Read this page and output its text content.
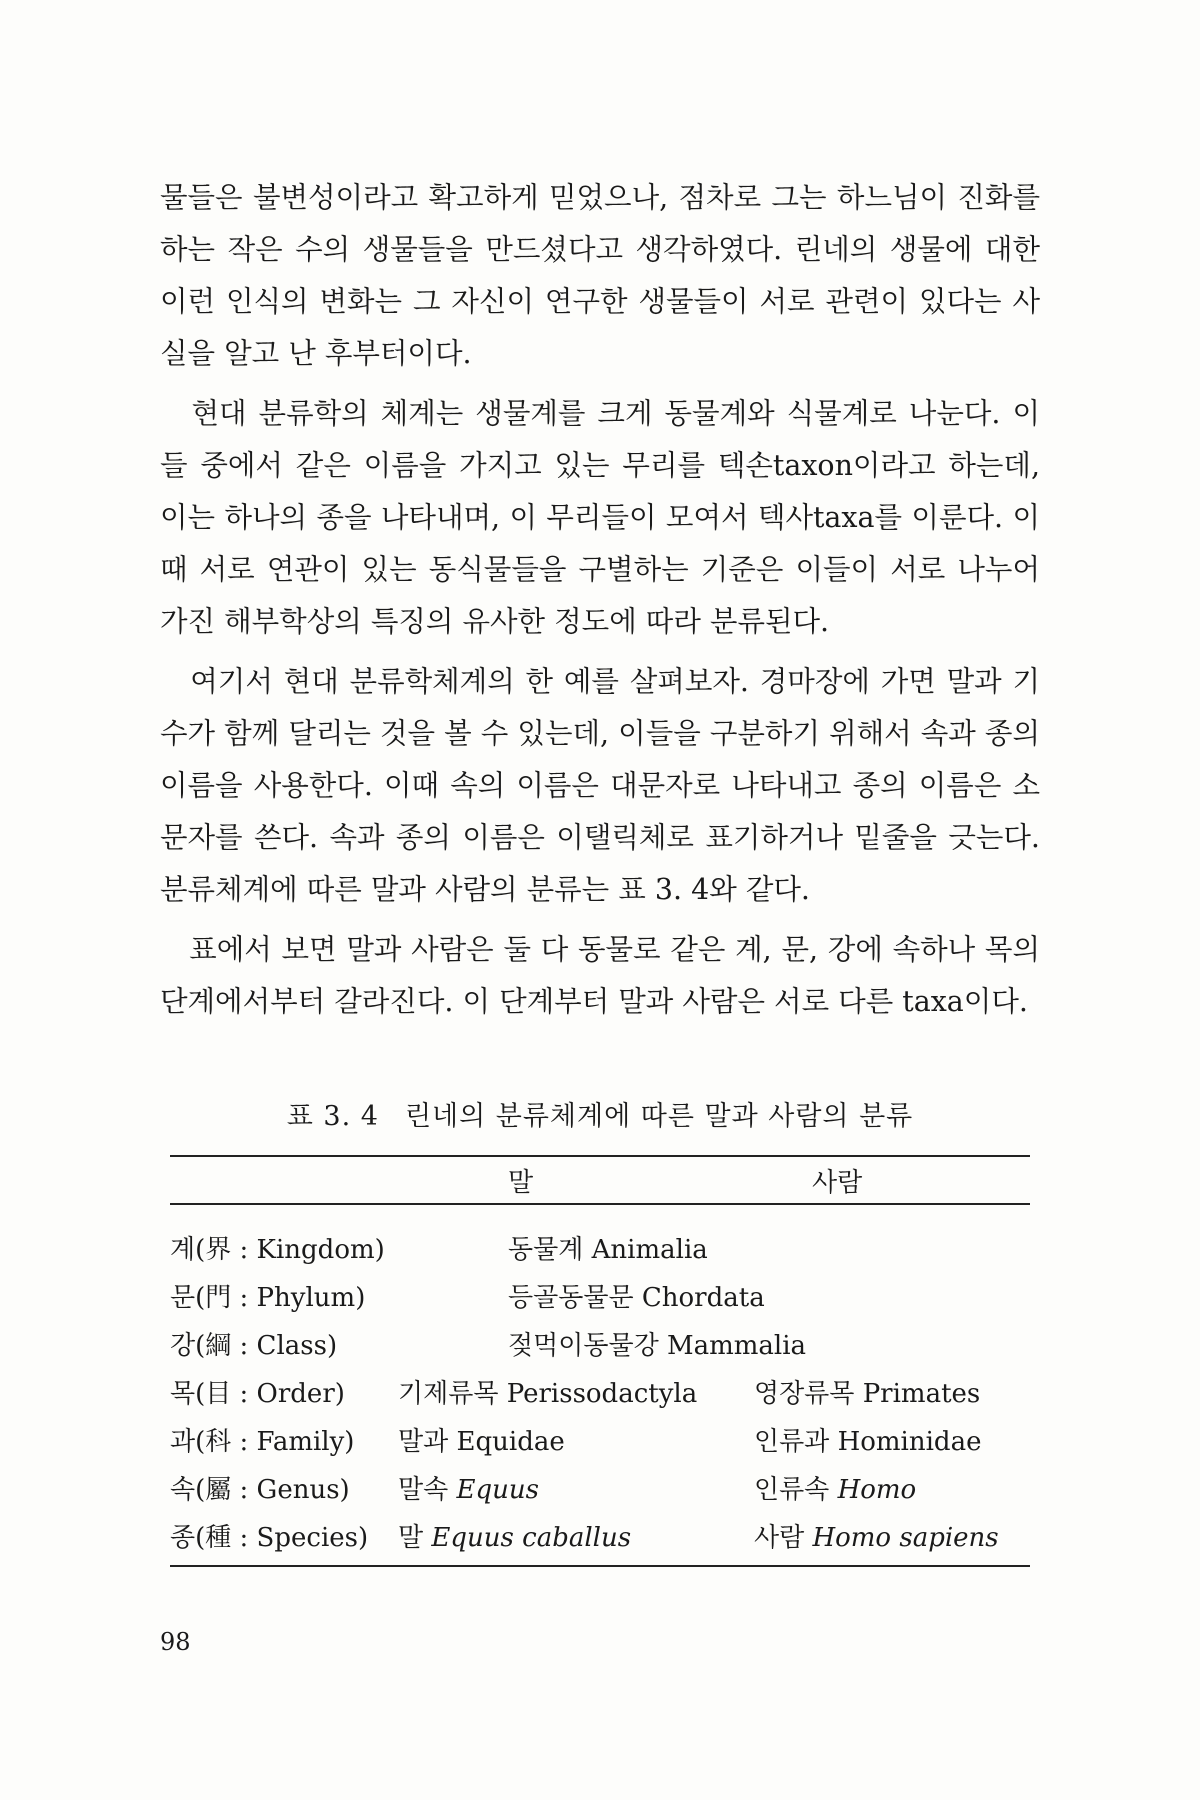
물들은 불변성이라고 확고하게 믿었으나, 점차로 그는 하느님이 진화를 하는 작은 수의 생물들을 만드셨다고 생각하였다. 린네의 생물에 대한 이런 인식의 변화는 그 자신이 연구한 생물들이 서로 관련이 있다는 사실을 알고 난 후부터이다.

　현대 분류학의 체계는 생물계를 크게 동물계와 식물계로 나눈다. 이들 중에서 같은 이름을 가지고 있는 무리를 텍손taxon이라고 하는데, 이는 하나의 종을 나타내며, 이 무리들이 모여서 텍사taxa를 이룬다. 이때 서로 연관이 있는 동식물들을 구별하는 기준은 이들이 서로 나누어 가진 해부학상의 특징의 유사한 정도에 따라 분류된다.

　여기서 현대 분류학체계의 한 예를 살펴보자. 경마장에 가면 말과 기수가 함께 달리는 것을 볼 수 있는데, 이들을 구분하기 위해서 속과 종의 이름을 사용한다. 이때 속의 이름은 대문자로 나타내고 종의 이름은 소문자를 쓴다. 속과 종의 이름은 이탤릭체로 표기하거나 밑줄을 긋는다. 분류체계에 따른 말과 사람의 분류는 표 3. 4와 같다.

　표에서 보면 말과 사람은 둘 다 동물로 같은 계, 문, 강에 속하나 목의 단계에서부터 갈라진다. 이 단계부터 말과 사람은 서로 다른 taxa이다.

표 3. 4 린네의 분류체계에 따른 말과 사람의 분류
	말	사람
계(界 : Kingdom)	동물계 Animalia	
문(門 : Phylum)	등골동물문 Chordata	
강(綱 : Class)	젖먹이동물강 Mammalia	
목(目 : Order)	기제류목 Perissodactyla	영장류목 Primates
과(科 : Family)	말과 Equidae	인류과 Hominidae
속(屬 : Genus)	말속 Equus	인류속 Homo
종(種 : Species)	말 Equus caballus	사람 Homo sapiens
98
